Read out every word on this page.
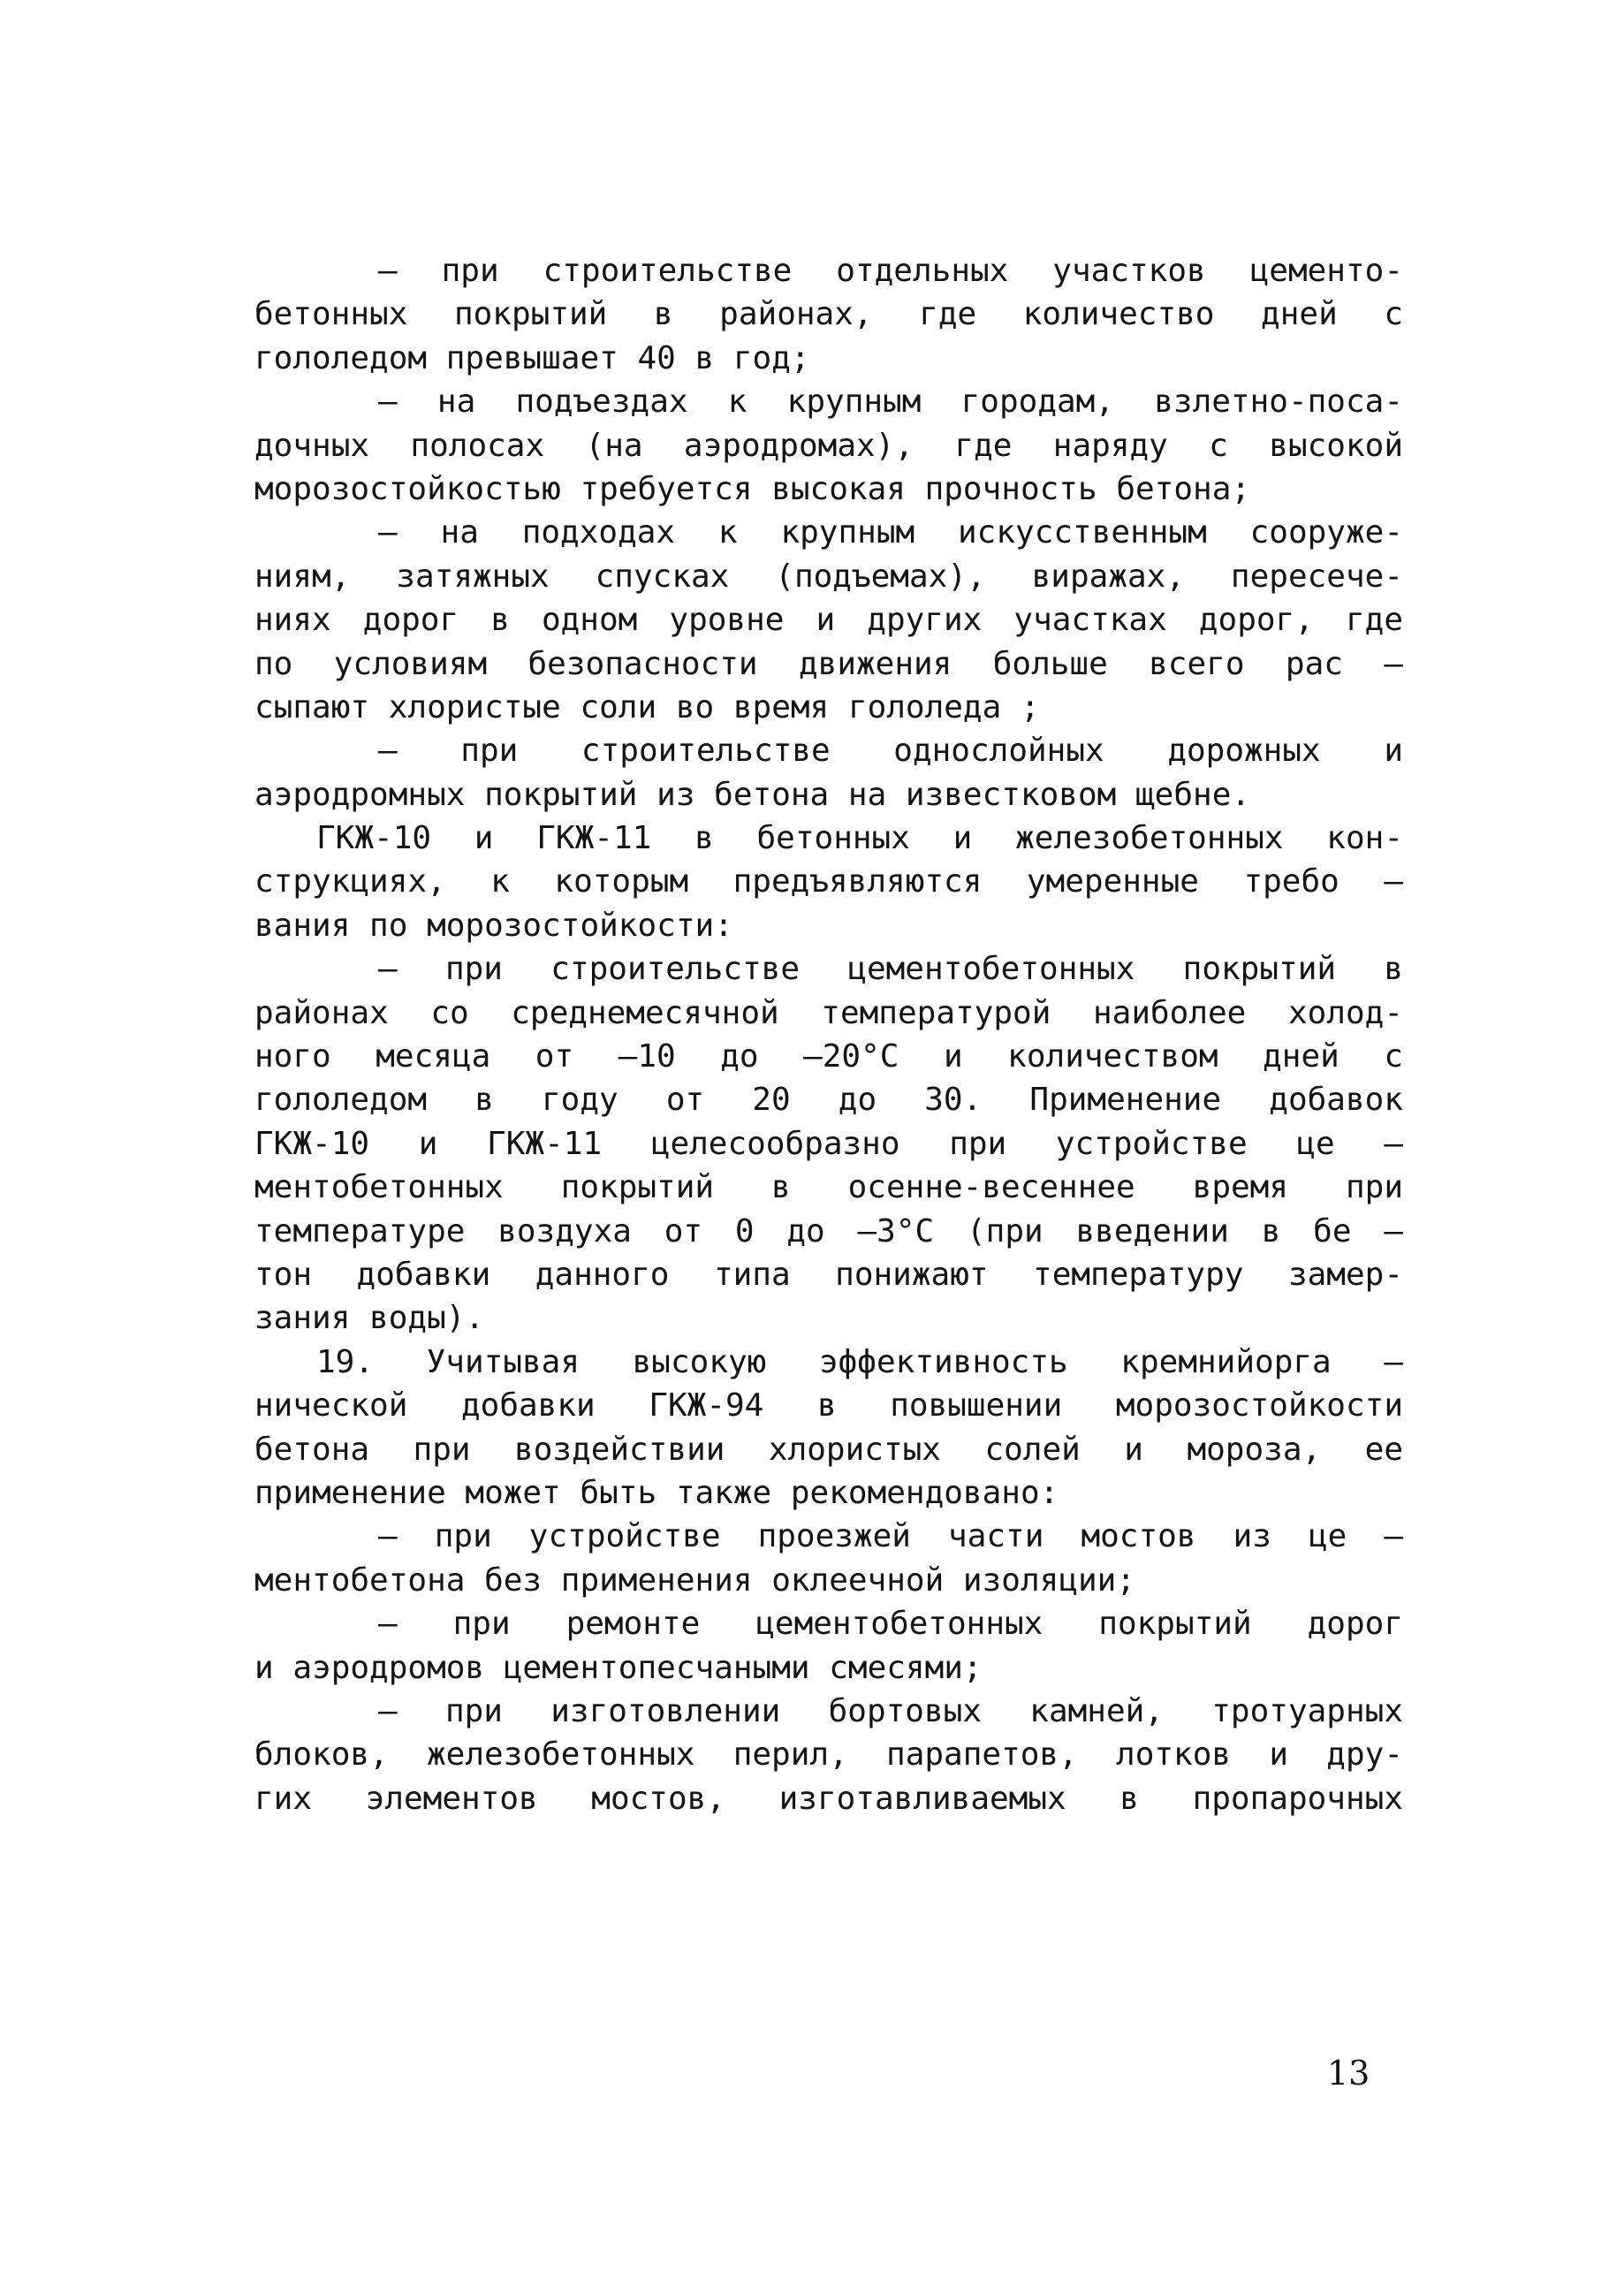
– при строительстве отдельных участков цементо-
бетонных покрытий в районах, где количество дней с
гололедом превышает 40 в год;
– на подъездах к крупным городам, взлетно-поса-
дочных полосах (на аэродромах), где наряду с высокой
морозостойкостью требуется высокая прочность бетона;
– на подходах к крупным искусственным сооруже-
ниям, затяжных спусках (подъемах), виражах, пересече-
ниях дорог в одном уровне и других участках дорог, где
по условиям безопасности движения больше всего рас –
сыпают хлористые соли во время гололеда ;
– при строительстве однослойных дорожных и
аэродромных покрытий из бетона на известковом щебне.
ГКЖ-10 и ГКЖ-11 в бетонных и железобетонных кон-
струкциях, к которым предъявляются умеренные требо –
вания по морозостойкости:
– при строительстве цементобетонных покрытий в
районах со среднемесячной температурой наиболее холод-
ного месяца от –10 до –20°С и количеством дней с
гололедом в году от 20 до 30. Применение добавок
ГКЖ-10 и ГКЖ-11 целесообразно при устройстве це –
ментобетонных покрытий в осенне-весеннее время при
температуре воздуха от 0 до –3°С (при введении в бе –
тон добавки данного типа понижают температуру замер-
зания воды).
19. Учитывая высокую эффективность кремнийорга –
нической добавки ГКЖ-94 в повышении морозостойкости
бетона при воздействии хлористых солей и мороза, ее
применение может быть также рекомендовано:
– при устройстве проезжей части мостов из це –
ментобетона без применения оклеечной изоляции;
– при ремонте цементобетонных покрытий дорог
и аэродромов цементопесчаными смесями;
– при изготовлении бортовых камней, тротуарных
блоков, железобетонных перил, парапетов, лотков и дру-
гих элементов мостов, изготавливаемых в пропарочных
13
